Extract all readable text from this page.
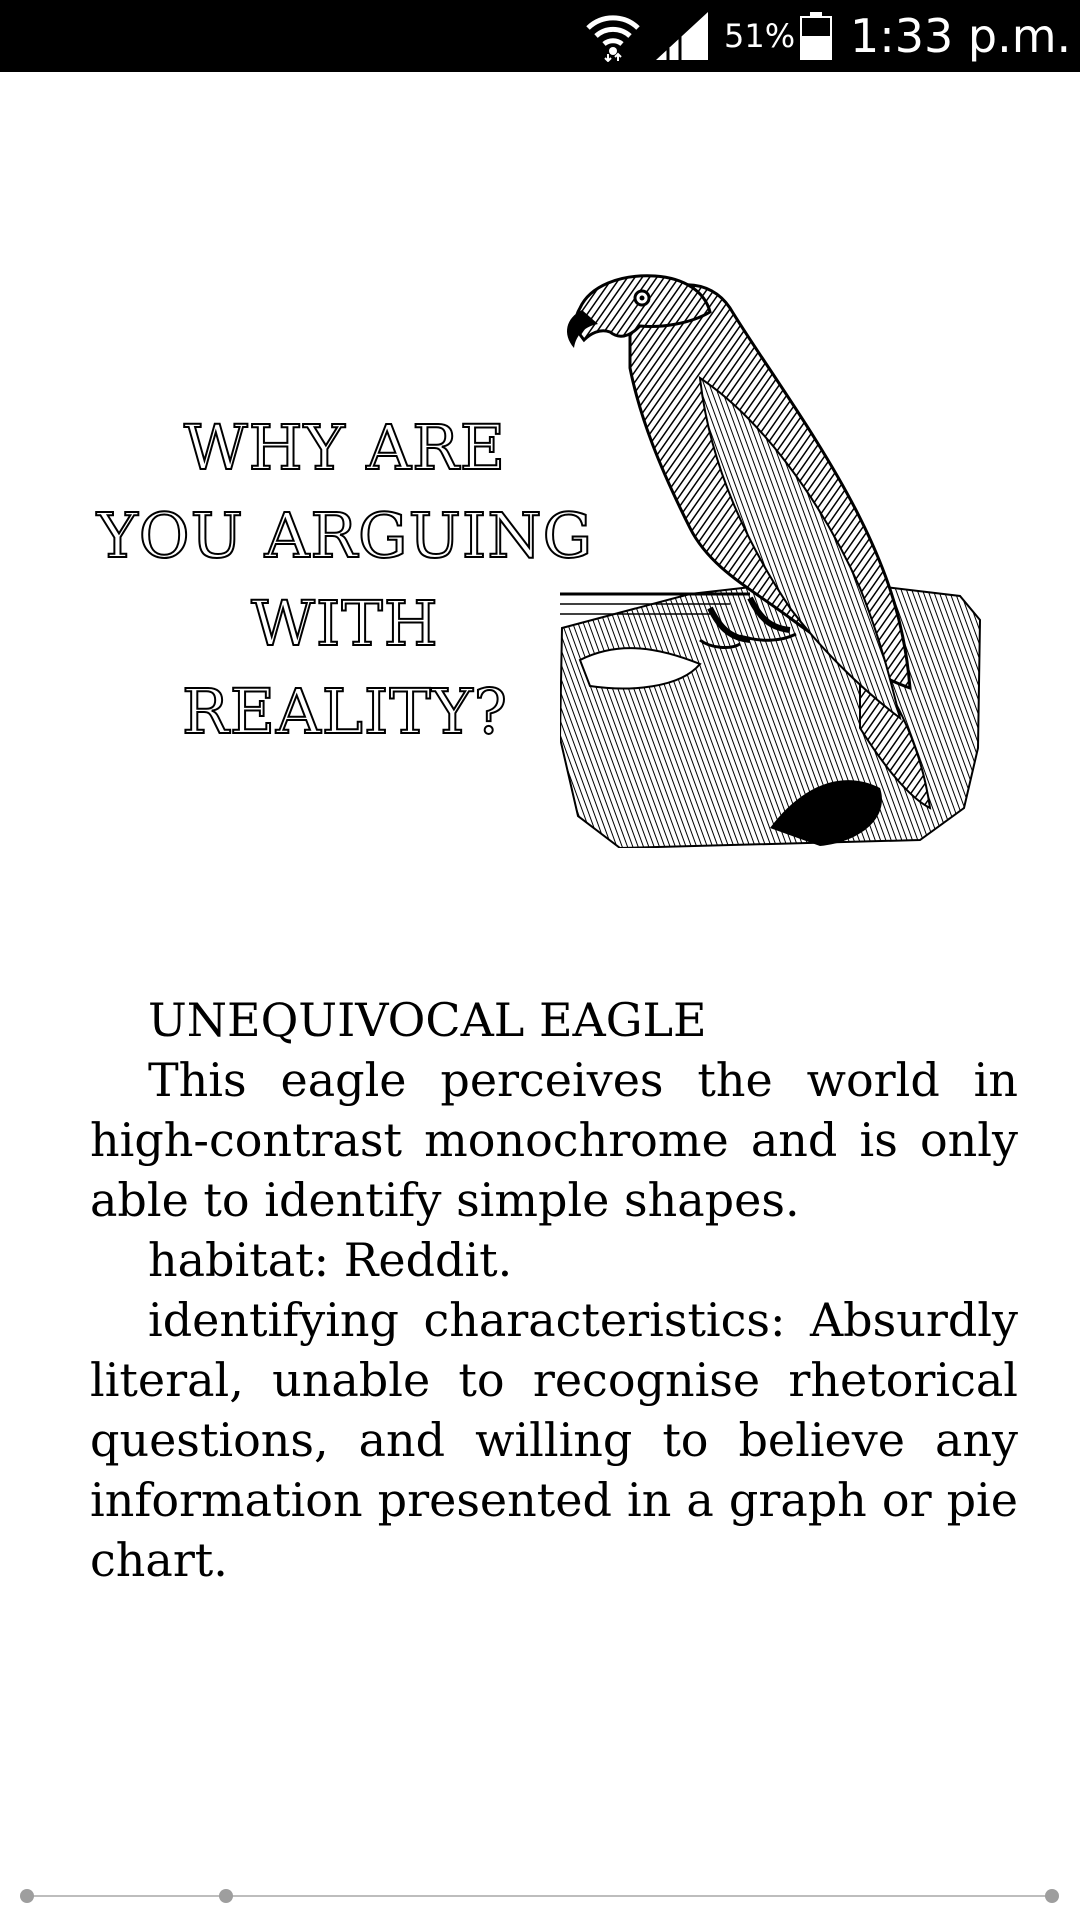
51% 1:33 p.m.
WHY ARE
YOU ARGUING
WITH
REALITY?

UNEQUIVOCAL EAGLE

This eagle perceives the world in high-contrast monochrome and is only able to identify simple shapes.

habitat: Reddit.

identifying characteristics: Absurdly literal, unable to recognise rhetorical questions, and willing to believe any information presented in a graph or pie chart.
